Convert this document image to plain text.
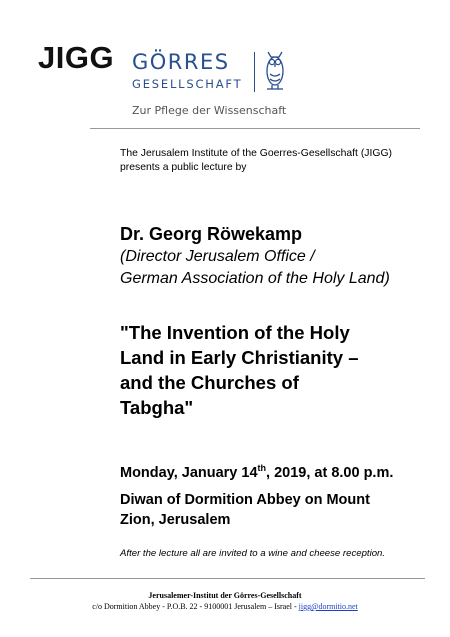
JIGG GÖRRES
GESELLSCHAFT
Zur Pflege der Wissenschaft
The Jerusalem Institute of the Goerres-Gesellschaft (JIGG)
presents a public lecture by
Dr. Georg Röwekamp
(Director Jerusalem Office /
German Association of the Holy Land)
"The Invention of the Holy
Land in Early Christianity –
and the Churches of
Tabgha"
Monday, January 14th, 2019, at 8.00 p.m.
Diwan of Dormition Abbey on Mount
Zion, Jerusalem
After the lecture all are invited to a wine and cheese reception.
Jerusalemer-Institut der Görres-Gesellschaft
c/o Dormition Abbey - P.O.B. 22 - 9100001 Jerusalem – Israel - jigg@dormitio.net
